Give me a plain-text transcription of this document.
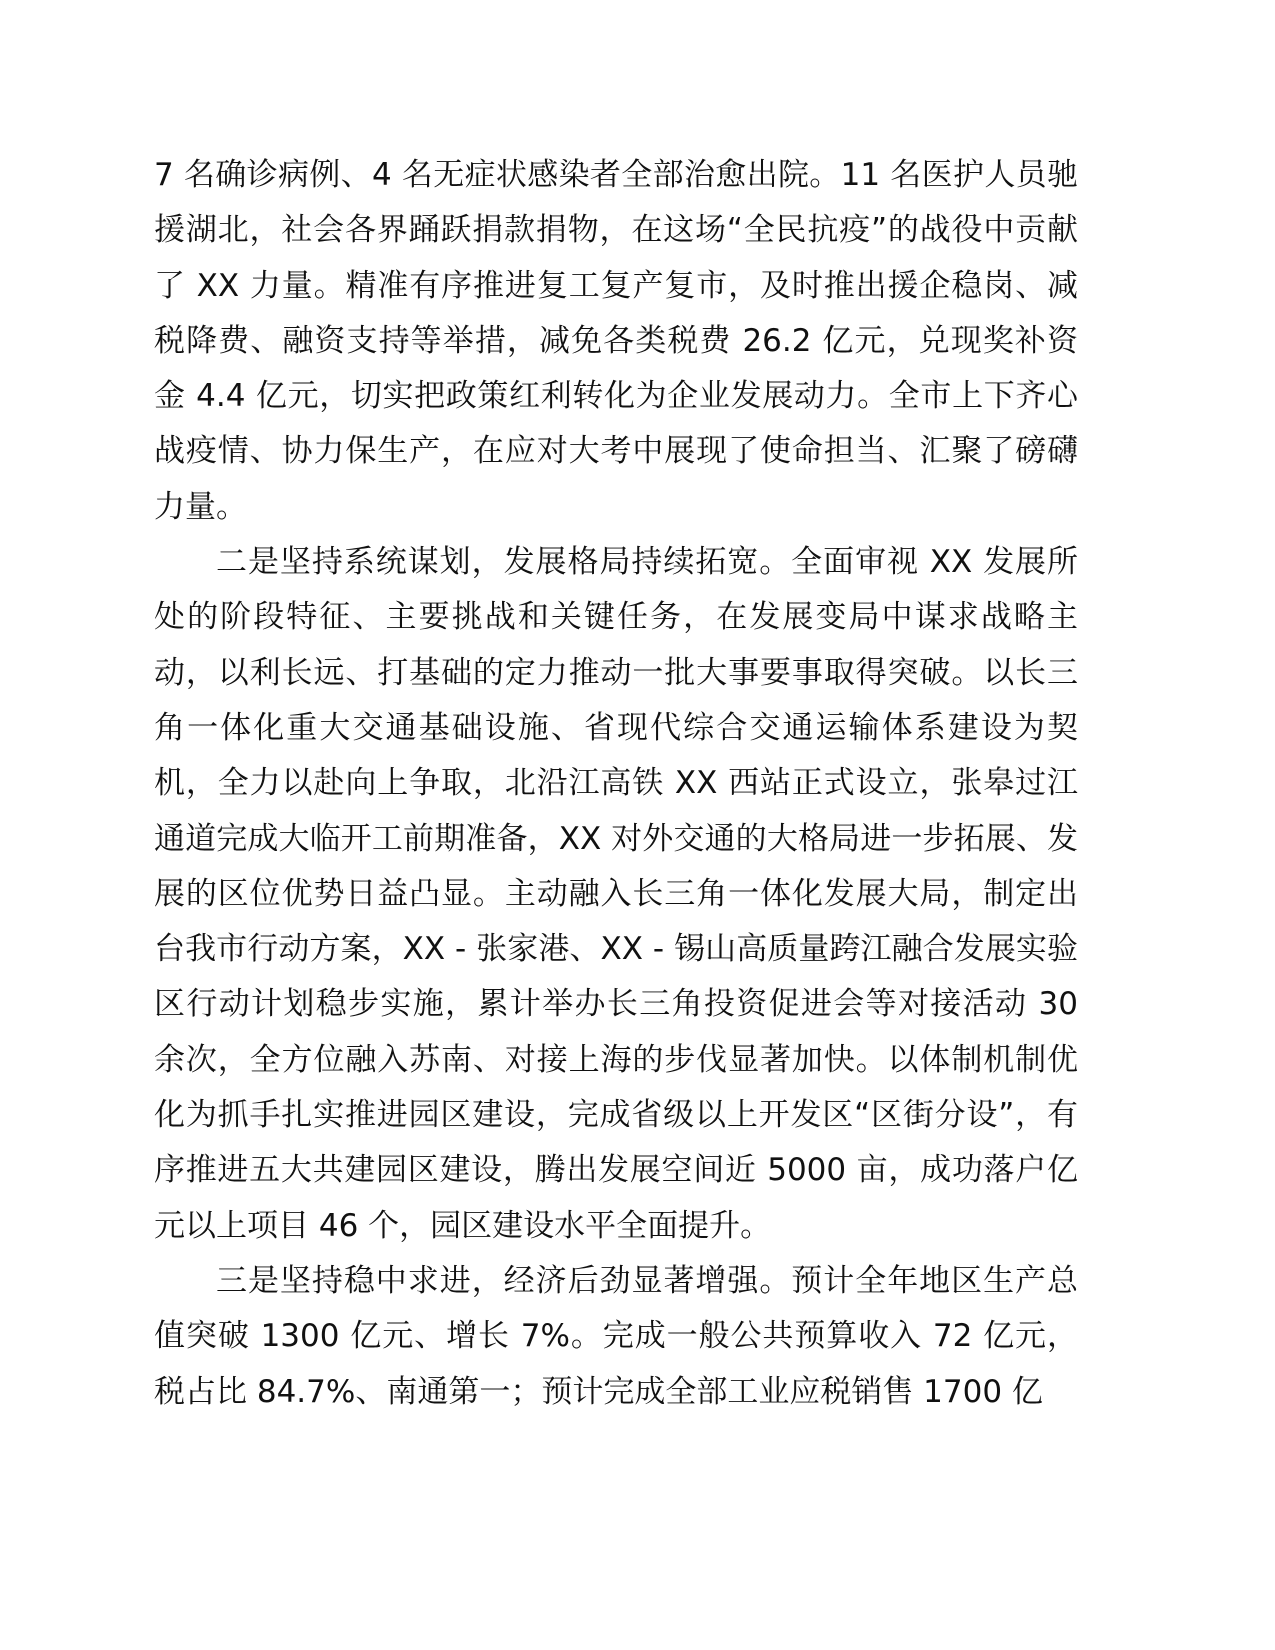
7 名确诊病例、4 名无症状感染者全部治愈出院。11 名医护人员驰援湖北，社会各界踊跃捐款捐物，在这场“全民抗疫”的战役中贡献了 XX 力量。精准有序推进复工复产复市，及时推出援企稳岗、减税降费、融资支持等举措，减免各类税费 26.2 亿元，兑现奖补资金 4.4 亿元，切实把政策红利转化为企业发展动力。全市上下齐心战疫情、协力保生产，在应对大考中展现了使命担当、汇聚了磅礴力量。

二是坚持系统谋划，发展格局持续拓宽。全面审视 XX 发展所处的阶段特征、主要挑战和关键任务，在发展变局中谋求战略主动，以利长远、打基础的定力推动一批大事要事取得突破。以长三角一体化重大交通基础设施、省现代综合交通运输体系建设为契机，全力以赴向上争取，北沿江高铁 XX 西站正式设立，张皋过江通道完成大临开工前期准备，XX 对外交通的大格局进一步拓展、发展的区位优势日益凸显。主动融入长三角一体化发展大局，制定出台我市行动方案，XX - 张家港、XX - 锡山高质量跨江融合发展实验区行动计划稳步实施，累计举办长三角投资促进会等对接活动 30 余次，全方位融入苏南、对接上海的步伐显著加快。以体制机制优化为抓手扎实推进园区建设，完成省级以上开发区“区街分设”，有序推进五大共建园区建设，腾出发展空间近 5000 亩，成功落户亿元以上项目 46 个，园区建设水平全面提升。

三是坚持稳中求进，经济后劲显著增强。预计全年地区生产总值突破 1300 亿元、增长 7%。完成一般公共预算收入 72 亿元，税占比 84.7%、南通第一；预计完成全部工业应税销售 1700 亿
